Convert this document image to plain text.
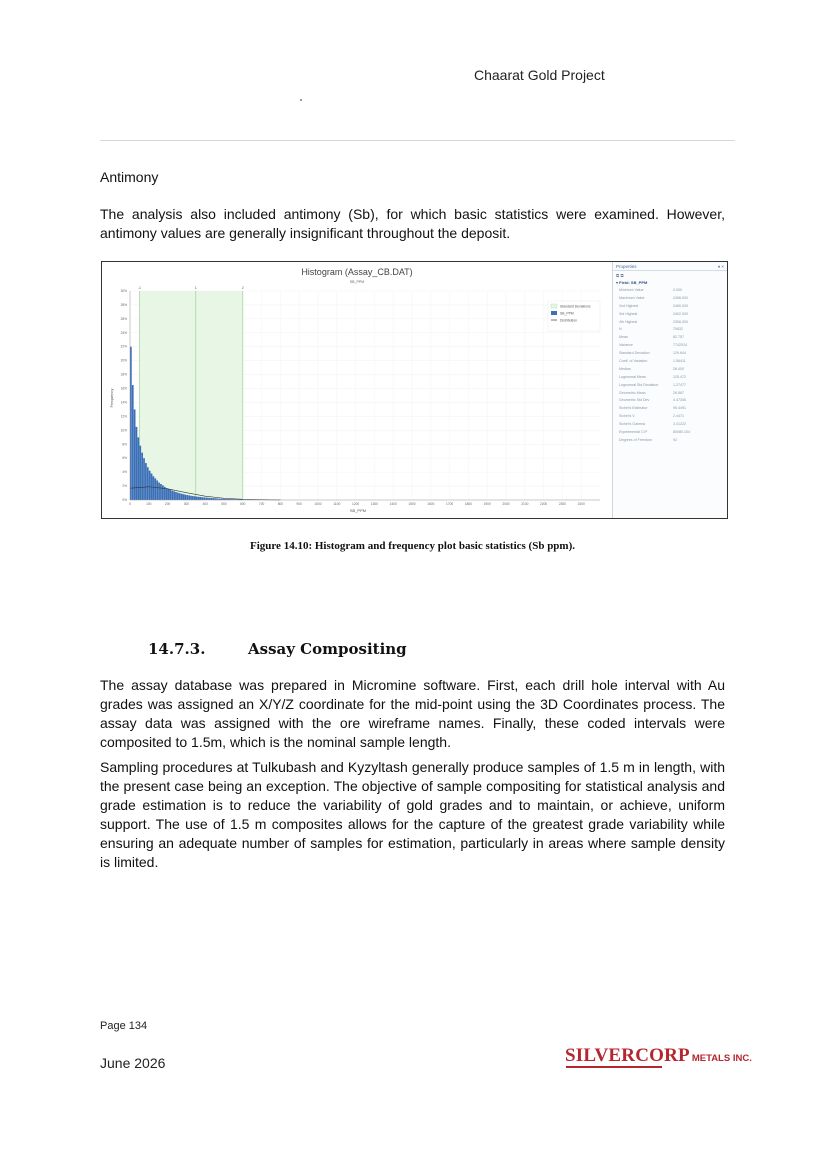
Chaarat Gold Project
Antimony
The analysis also included antimony (Sb), for which basic statistics were examined. However, antimony values are generally insignificant throughout the deposit.
-1	1	2
0	100	200	300	400	500	600	700	800	900	1000	1100	1200	1300	1400	1500	1600	1700	1800	1900	2000	2100	2200	2300	2400
0%
2%
4%
6%
8%
10%
12%
14%
16%
18%
20%
22%
24%
26%
28%
30%
Histogram (Assay_CB.DAT)
SB_PPM
SB_PPM
Frequency
Standard Deviations
SB_PPM
Distribution
Properties	♦ ×
⧉ ⧉
▾ Field: SB_PPM
Minimum Value	0.000
Maximum Value	2496.000
2nd Highest	2460.000
3rd Highest	2402.000
4th Highest	2306.000
N	70832
Mean	82.757
Variance	7742024
Standard Deviation	129.644
Coeff. of Variation	1.56411
Median	28.400
Lognormal Mean	125.472
Lognormal Std Deviation	1.27477
Geometric Mean	26.887
Geometric Std Dev	4.47306
Sichel's Estimator	95.4491
Sichel's V	2.4471
Sichel's Gamma	3.41222
Experimental CV²	80080.104
Degrees of Freedom	92
Figure 14.10: Histogram and frequency plot basic statistics (Sb ppm).
14.7.3.	Assay Compositing
The assay database was prepared in Micromine software. First, each drill hole interval with Au grades was assigned an X/Y/Z coordinate for the mid-point using the 3D Coordinates process. The assay data was assigned with the ore wireframe names. Finally, these coded intervals were composited to 1.5m, which is the nominal sample length.
Sampling procedures at Tulkubash and Kyzyltash generally produce samples of 1.5 m in length, with the present case being an exception. The objective of sample compositing for statistical analysis and grade estimation is to reduce the variability of gold grades and to maintain, or achieve, uniform support. The use of 1.5 m composites allows for the capture of the greatest grade variability while ensuring an adequate number of samples for estimation, particularly in areas where sample density is limited.
Page 134
June 2026	SILVERCORP METALS INC.
